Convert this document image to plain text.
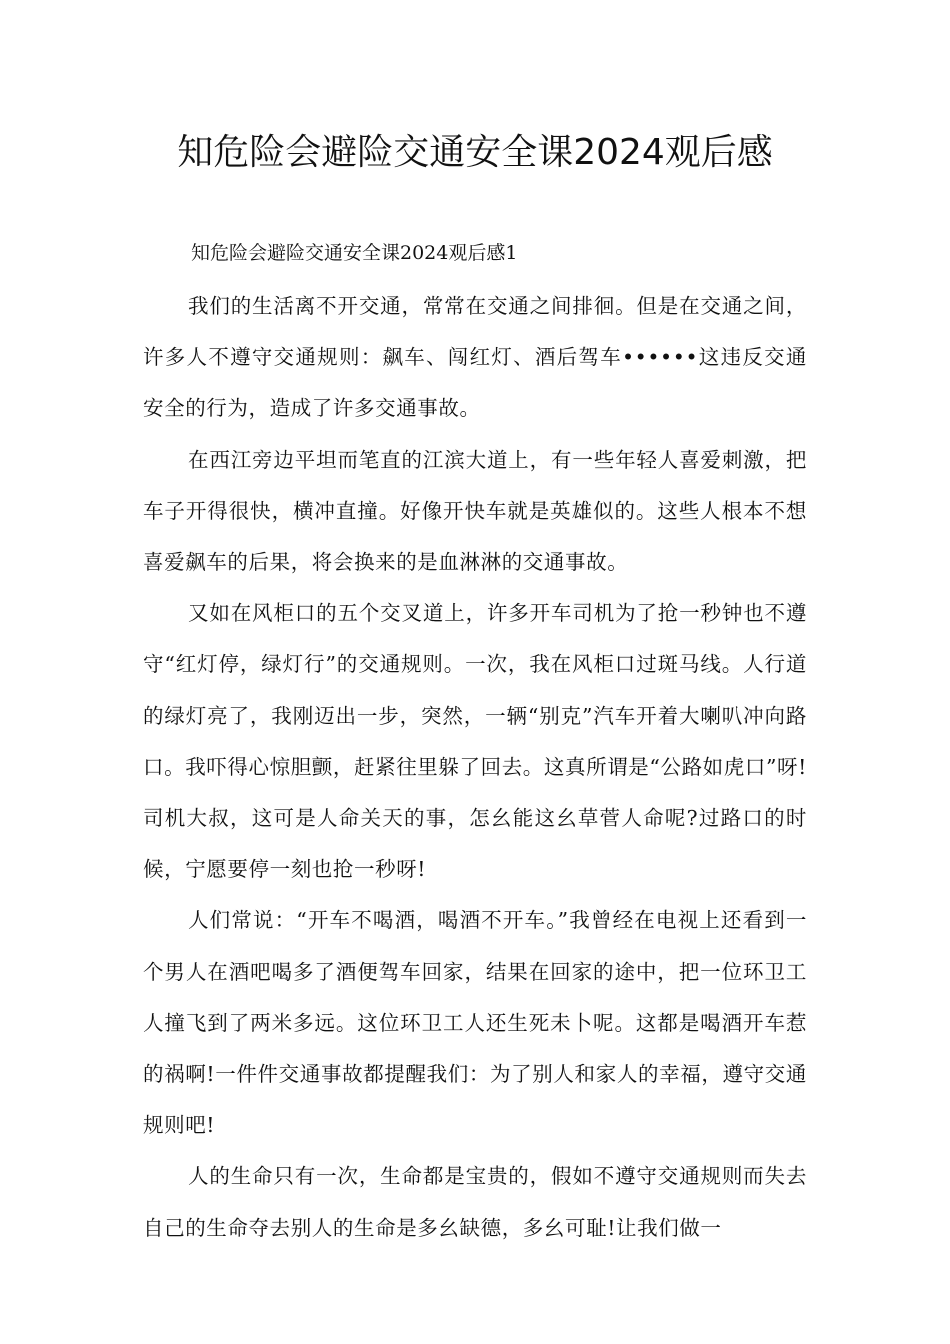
知危险会避险交通安全课2024观后感

知危险会避险交通安全课2024观后感1

我们的生活离不开交通，常常在交通之间排徊。但是在交通之间，许多人不遵守交通规则：飙车、闯红灯、酒后驾车••••••这违反交通安全的行为，造成了许多交通事故。

在西江旁边平坦而笔直的江滨大道上，有一些年轻人喜爱刺激，把车子开得很快，横冲直撞。好像开快车就是英雄似的。这些人根本不想喜爱飙车的后果，将会换来的是血淋淋的交通事故。

又如在风柜口的五个交叉道上，许多开车司机为了抢一秒钟也不遵守“红灯停，绿灯行”的交通规则。一次，我在风柜口过斑马线。人行道的绿灯亮了，我刚迈出一步，突然，一辆“别克”汽车开着大喇叭冲向路口。我吓得心惊胆颤，赶紧往里躲了回去。这真所谓是“公路如虎口”呀!司机大叔，这可是人命关天的事，怎幺能这幺草菅人命呢?过路口的时候，宁愿要停一刻也抢一秒呀!

人们常说：“开车不喝酒，喝酒不开车。”我曾经在电视上还看到一个男人在酒吧喝多了酒便驾车回家，结果在回家的途中，把一位环卫工人撞飞到了两米多远。这位环卫工人还生死未卜呢。这都是喝酒开车惹的祸啊!一件件交通事故都提醒我们：为了别人和家人的幸福，遵守交通规则吧!

人的生命只有一次，生命都是宝贵的，假如不遵守交通规则而失去自己的生命夺去别人的生命是多幺缺德，多幺可耻!让我们做一
